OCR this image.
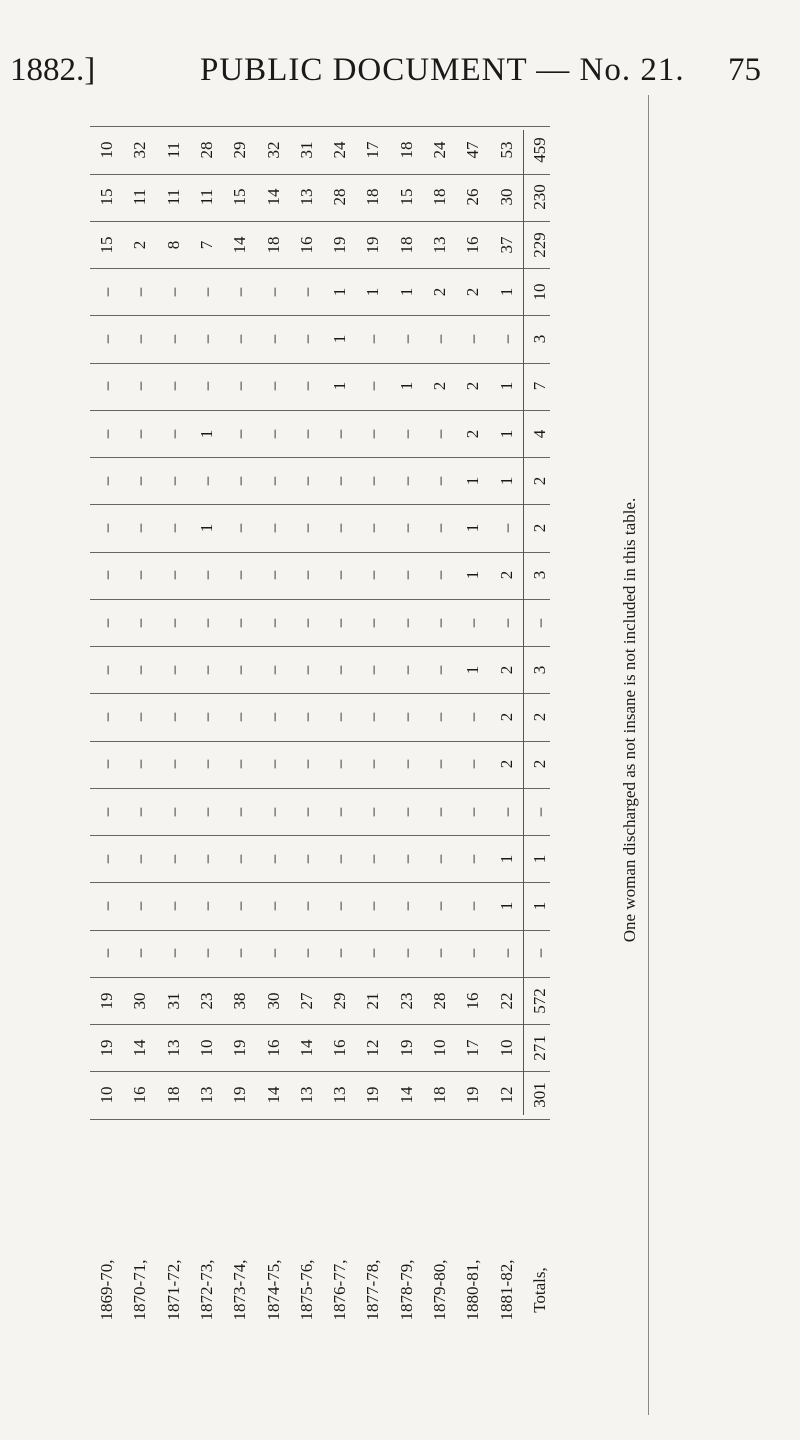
1882.]	PUBLIC DOCUMENT — No. 21. 75
1869-70, 1870-71, 1871-72, 1872-73, 1873-74, 1874-75, 1875-76, 1876-77, 1877-78, 1878-79, 1879-80, 1880-81, 1881-82, Totals,
10 16 18 13 19 14 13 13 19 14 18 19 12 301
19 14 13 10 19 16 14 16 12 19 10 17 10 271
19 30 31 23 38 30 27 29 21 23 28 16 22 572
– – – – – – – – – – – – – –
– – – – – – – – – – – – 1 1
– – – – – – – – – – – – 1 1
– – – – – – – – – – – – – –
– – – – – – – – – – – – 2 2
– – – – – – – – – – – – 2 2
– – – – – – – – – – – 1 2 3
– – – – – – – – – – – – – –
– – – – – – – – – – – 1 2 3
– – – 1 – – – – – – – 1 – 2
– – – – – – – – – – – 1 1 2
– – – 1 – – – – – – – 2 1 4
– – – – – – – 1 – 1 2 2 1 7
– – – – – – – 1 – – – – – 3
– – – – – – – 1 1 1 2 2 1 10
15 2 8 7 14 18 16 19 19 18 13 16 37 229
15 11 11 11 15 14 13 28 18 15 18 26 30 230
10 32 11 28 29 32 31 24 17 18 24 47 53 459
One woman discharged as not insane is not included in this table.
